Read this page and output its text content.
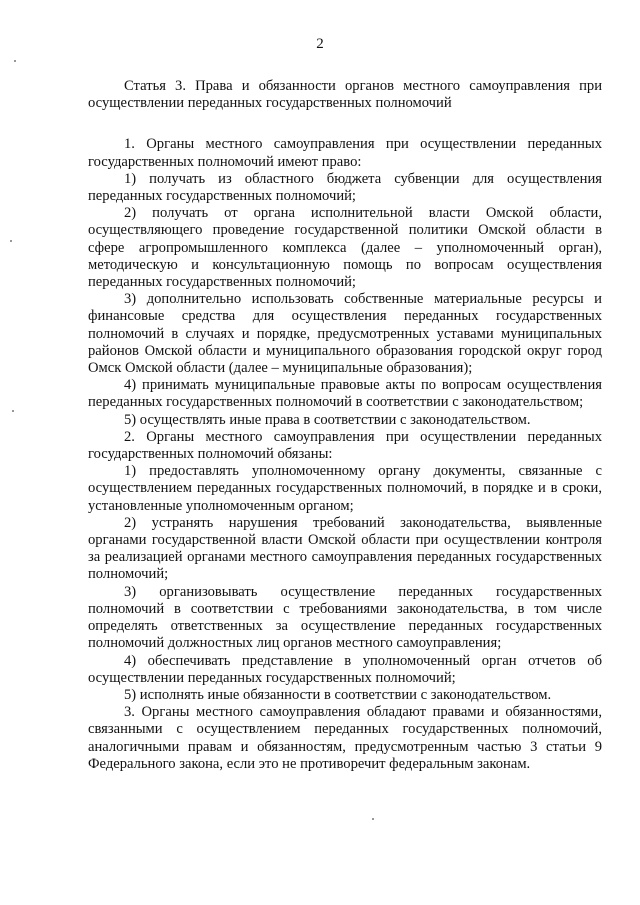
2
Статья 3. Права и обязанности органов местного самоуправления при осуществлении переданных государственных полномочий

1. Органы местного самоуправления при осуществлении переданных государственных полномочий имеют право:

1) получать из областного бюджета субвенции для осуществления переданных государственных полномочий;

2) получать от органа исполнительной власти Омской области, осуществляющего проведение государственной политики Омской области в сфере агропромышленного комплекса (далее – уполномоченный орган), методическую и консультационную помощь по вопросам осуществления переданных государственных полномочий;

3) дополнительно использовать собственные материальные ресурсы и финансовые средства для осуществления переданных государственных полномочий в случаях и порядке, предусмотренных уставами муниципальных районов Омской области и муниципального образования городской округ город Омск Омской области (далее – муниципальные образования);

4) принимать муниципальные правовые акты по вопросам осуществления переданных государственных полномочий в соответствии с законодательством;

5) осуществлять иные права в соответствии с законодательством.

2. Органы местного самоуправления при осуществлении переданных государственных полномочий обязаны:

1) предоставлять уполномоченному органу документы, связанные с осуществлением переданных государственных полномочий, в порядке и в сроки, установленные уполномоченным органом;

2) устранять нарушения требований законодательства, выявленные органами государственной власти Омской области при осуществлении контроля за реализацией органами местного самоуправления переданных государственных полномочий;

3) организовывать осуществление переданных государственных полномочий в соответствии с требованиями законодательства, в том числе определять ответственных за осуществление переданных государственных полномочий должностных лиц органов местного самоуправления;

4) обеспечивать представление в уполномоченный орган отчетов об осуществлении переданных государственных полномочий;

5) исполнять иные обязанности в соответствии с законодательством.

3. Органы местного самоуправления обладают правами и обязанностями, связанными с осуществлением переданных государственных полномочий, аналогичными правам и обязанностям, предусмотренным частью 3 статьи 9 Федерального закона, если это не противоречит федеральным законам.
